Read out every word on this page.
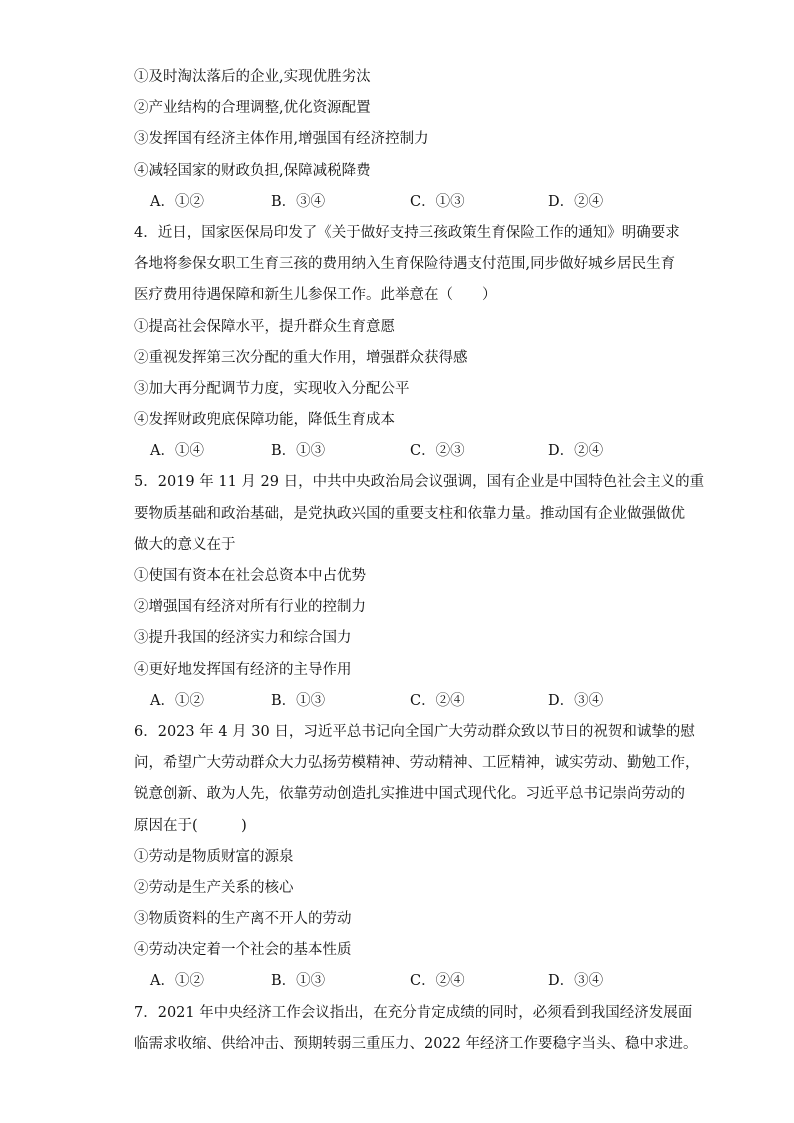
①及时淘汰落后的企业,实现优胜劣汰
②产业结构的合理调整,优化资源配置
③发挥国有经济主体作用,增强国有经济控制力
④减轻国家的财政负担,保障减税降费
A．①②	B．③④	C．①③	D．②④
4．近日，国家医保局印发了《关于做好支持三孩政策生育保险工作的通知》明确要求
各地将参保女职工生育三孩的费用纳入生育保险待遇支付范围,同步做好城乡居民生育
医疗费用待遇保障和新生儿参保工作。此举意在（　　）
①提高社会保障水平，提升群众生育意愿
②重视发挥第三次分配的重大作用，增强群众获得感
③加大再分配调节力度，实现收入分配公平
④发挥财政兜底保障功能，降低生育成本
A．①④	B．①③	C．②③	D．②④
5．2019 年 11 月 29 日，中共中央政治局会议强调，国有企业是中国特色社会主义的重
要物质基础和政治基础，是党执政兴国的重要支柱和依靠力量。推动国有企业做强做优
做大的意义在于
①使国有资本在社会总资本中占优势
②增强国有经济对所有行业的控制力
③提升我国的经济实力和综合国力
④更好地发挥国有经济的主导作用
A．①②	B．①③	C．②④	D．③④
6．2023 年 4 月 30 日，习近平总书记向全国广大劳动群众致以节日的祝贺和诚挚的慰
问，希望广大劳动群众大力弘扬劳模精神、劳动精神、工匠精神，诚实劳动、勤勉工作，
锐意创新、敢为人先，依靠劳动创造扎实推进中国式现代化。习近平总书记崇尚劳动的
原因在于(　　　)
①劳动是物质财富的源泉
②劳动是生产关系的核心
③物质资料的生产离不开人的劳动
④劳动决定着一个社会的基本性质
A．①②	B．①③	C．②④	D．③④
7．2021 年中央经济工作会议指出，在充分肯定成绩的同时，必须看到我国经济发展面
临需求收缩、供给冲击、预期转弱三重压力、2022 年经济工作要稳字当头、稳中求进。
